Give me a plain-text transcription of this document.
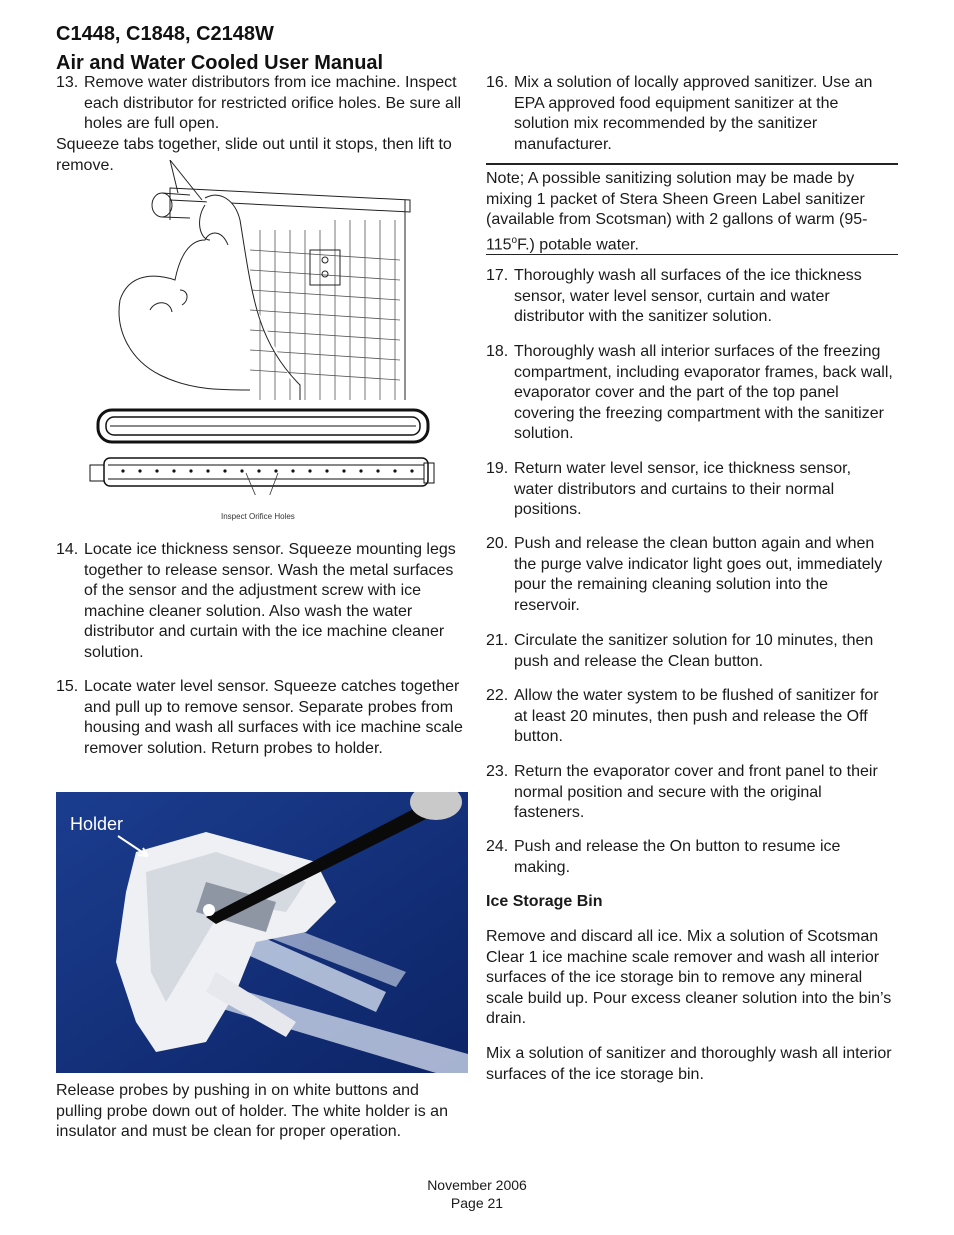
C1448, C1848, C2148W
Air and Water Cooled User Manual
13. Remove water distributors from ice machine. Inspect each distributor for restricted orifice holes. Be sure all holes are full open.
Squeeze tabs together, slide out until it stops, then lift to remove.
Inspect Orifice Holes
14. Locate ice thickness sensor. Squeeze mounting legs together to release sensor. Wash the metal surfaces of the sensor and the adjustment screw with ice machine cleaner solution. Also wash the water distributor and curtain with the ice machine cleaner solution.
15. Locate water level sensor. Squeeze catches together and pull up to remove sensor. Separate probes from housing and wash all surfaces with ice machine scale remover solution. Return probes to holder.
Holder
Release probes by pushing in on white buttons and pulling probe down out of holder. The white holder is an insulator and must be clean for proper operation.
16. Mix a solution of locally approved sanitizer. Use an EPA approved food equipment sanitizer at the solution mix recommended by the sanitizer manufacturer.
Note; A possible sanitizing solution may be made by mixing 1 packet of Stera Sheen Green Label sanitizer (available from Scotsman) with 2 gallons of warm (95-115$^o$F.) potable water.
17. Thoroughly wash all surfaces of the ice thickness sensor, water level sensor, curtain and water distributor with the sanitizer solution.
18. Thoroughly wash all interior surfaces of the freezing compartment, including evaporator frames, back wall, evaporator cover and the part of the top panel covering the freezing compartment with the sanitizer solution.
19. Return water level sensor, ice thickness sensor, water distributors and curtains to their normal positions.
20. Push and release the clean button again and when the purge valve indicator light goes out, immediately pour the remaining cleaning solution into the reservoir.
21. Circulate the sanitizer solution for 10 minutes, then push and release the Clean button.
22. Allow the water system to be flushed of sanitizer for at least 20 minutes, then push and release the Off button.
23. Return the evaporator cover and front panel to their normal position and secure with the original fasteners.
24. Push and release the On button to resume ice making.
Ice Storage Bin
Remove and discard all ice. Mix a solution of Scotsman Clear 1 ice machine scale remover and wash all interior surfaces of the ice storage bin to remove any mineral scale build up. Pour excess cleaner solution into the bin’s drain.
Mix a solution of sanitizer and thoroughly wash all interior surfaces of the ice storage bin.
November 2006
Page 21
